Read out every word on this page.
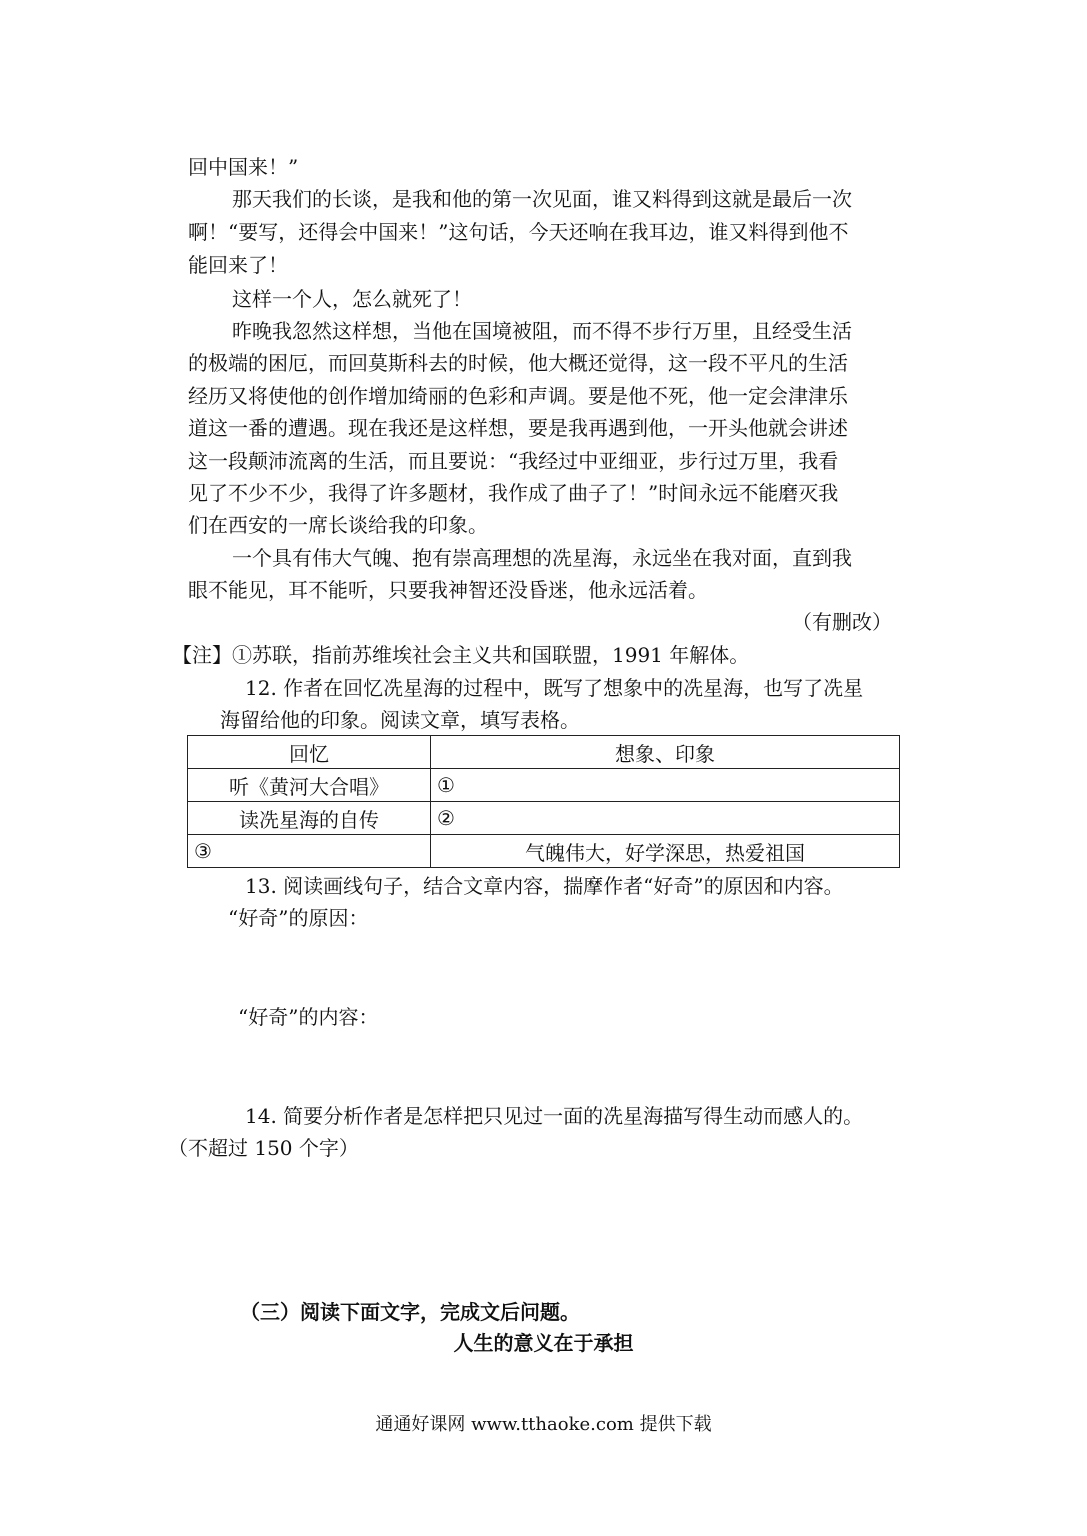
回中国来！”
那天我们的长谈，是我和他的第一次见面，谁又料得到这就是最后一次
啊！“要写，还得会中国来！”这句话，今天还响在我耳边，谁又料得到他不
能回来了！
这样一个人，怎么就死了！
昨晚我忽然这样想，当他在国境被阻，而不得不步行万里，且经受生活
的极端的困厄，而回莫斯科去的时候，他大概还觉得，这一段不平凡的生活
经历又将使他的创作增加绮丽的色彩和声调。要是他不死，他一定会津津乐
道这一番的遭遇。现在我还是这样想，要是我再遇到他，一开头他就会讲述
这一段颠沛流离的生活，而且要说：“我经过中亚细亚，步行过万里，我看
见了不少不少，我得了许多题材，我作成了曲子了！”时间永远不能磨灭我
们在西安的一席长谈给我的印象。
一个具有伟大气魄、抱有崇高理想的冼星海，永远坐在我对面，直到我
眼不能见，耳不能听，只要我神智还没昏迷，他永远活着。
（有删改）
【注】①苏联，指前苏维埃社会主义共和国联盟，1991 年解体。
12. 作者在回忆冼星海的过程中，既写了想象中的冼星海，也写了冼星
海留给他的印象。阅读文章，填写表格。
回忆	想象、印象
听《黄河大合唱》	①
读冼星海的自传	②
③	气魄伟大，好学深思，热爱祖国
13. 阅读画线句子，结合文章内容，揣摩作者“好奇”的原因和内容。
“好奇”的原因：
“好奇”的内容：
14. 简要分析作者是怎样把只见过一面的冼星海描写得生动而感人的。
（不超过 150 个字）
（三）阅读下面文字，完成文后问题。
人生的意义在于承担
通通好课网 www.tthaoke.com 提供下载
